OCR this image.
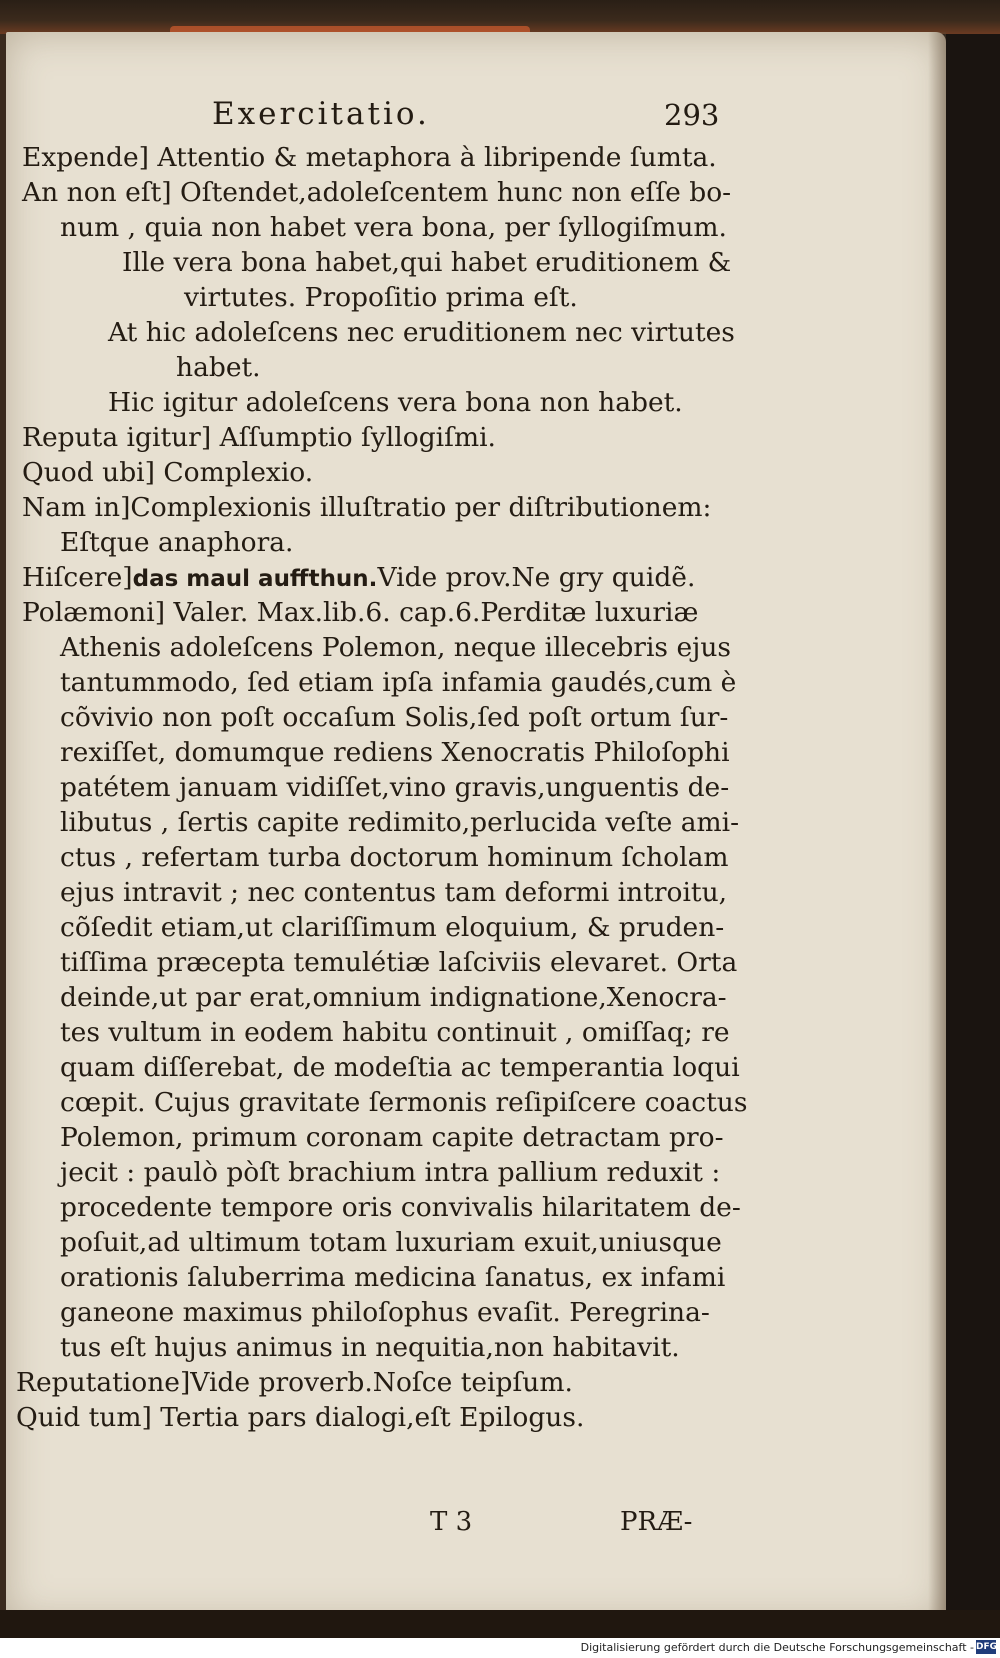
Exercitatio.	293
Expende] Attentio & metaphora à libripende ſumta.
An non eſt] Oſtendet,adoleſcentem hunc non eſſe bo-
num , quia non habet vera bona, per ſyllogiſmum.
Ille vera bona habet,qui habet eruditionem &
virtutes. Propoſitio prima eſt.
At hic adoleſcens nec eruditionem nec virtutes
habet.
Hic igitur adoleſcens vera bona non habet.
Reputa igitur] Aſſumptio ſyllogiſmi.
Quod ubi] Complexio.
Nam in]Complexionis illuſtratio per diſtributionem:
Eſtque anaphora.
Hiſcere]das maul auffthun.Vide prov.Ne gry quidẽ.
Polæmoni] Valer. Max.lib.6. cap.6.Perditæ luxuriæ
Athenis adoleſcens Polemon, neque illecebris ejus
tantummodo, ſed etiam ipſa infamia gaudés,cum è
cõvivio non poſt occaſum Solis,ſed poſt ortum ſur-
rexiſſet, domumque rediens Xenocratis Philoſophi
patétem januam vidiſſet,vino gravis,unguentis de-
libutus , ſertis capite redimito,perlucida veſte ami-
ctus , refertam turba doctorum hominum ſcholam
ejus intravit ; nec contentus tam deformi introitu,
cõſedit etiam,ut clariſſimum eloquium, & pruden-
tiſſima præcepta temulétiæ laſciviis elevaret. Orta
deinde,ut par erat,omnium indignatione,Xenocra-
tes vultum in eodem habitu continuit , omiſſaq; re
quam diſſerebat, de modeſtia ac temperantia loqui
cœpit. Cujus gravitate ſermonis reſipiſcere coactus
Polemon, primum coronam capite detractam pro-
jecit : paulò pòſt brachium intra pallium reduxit :
procedente tempore oris convivalis hilaritatem de-
poſuit,ad ultimum totam luxuriam exuit,uniusque
orationis ſaluberrima medicina ſanatus, ex infami
ganeone maximus philoſophus evaſit. Peregrina-
tus eſt hujus animus in nequitia,non habitavit.
Reputatione]Vide proverb.Noſce teipſum.
Quid tum] Tertia pars dialogi,eſt Epilogus.
T 3	PRÆ-
Digitalisierung gefördert durch die Deutsche Forschungsgemeinschaft - DFG
